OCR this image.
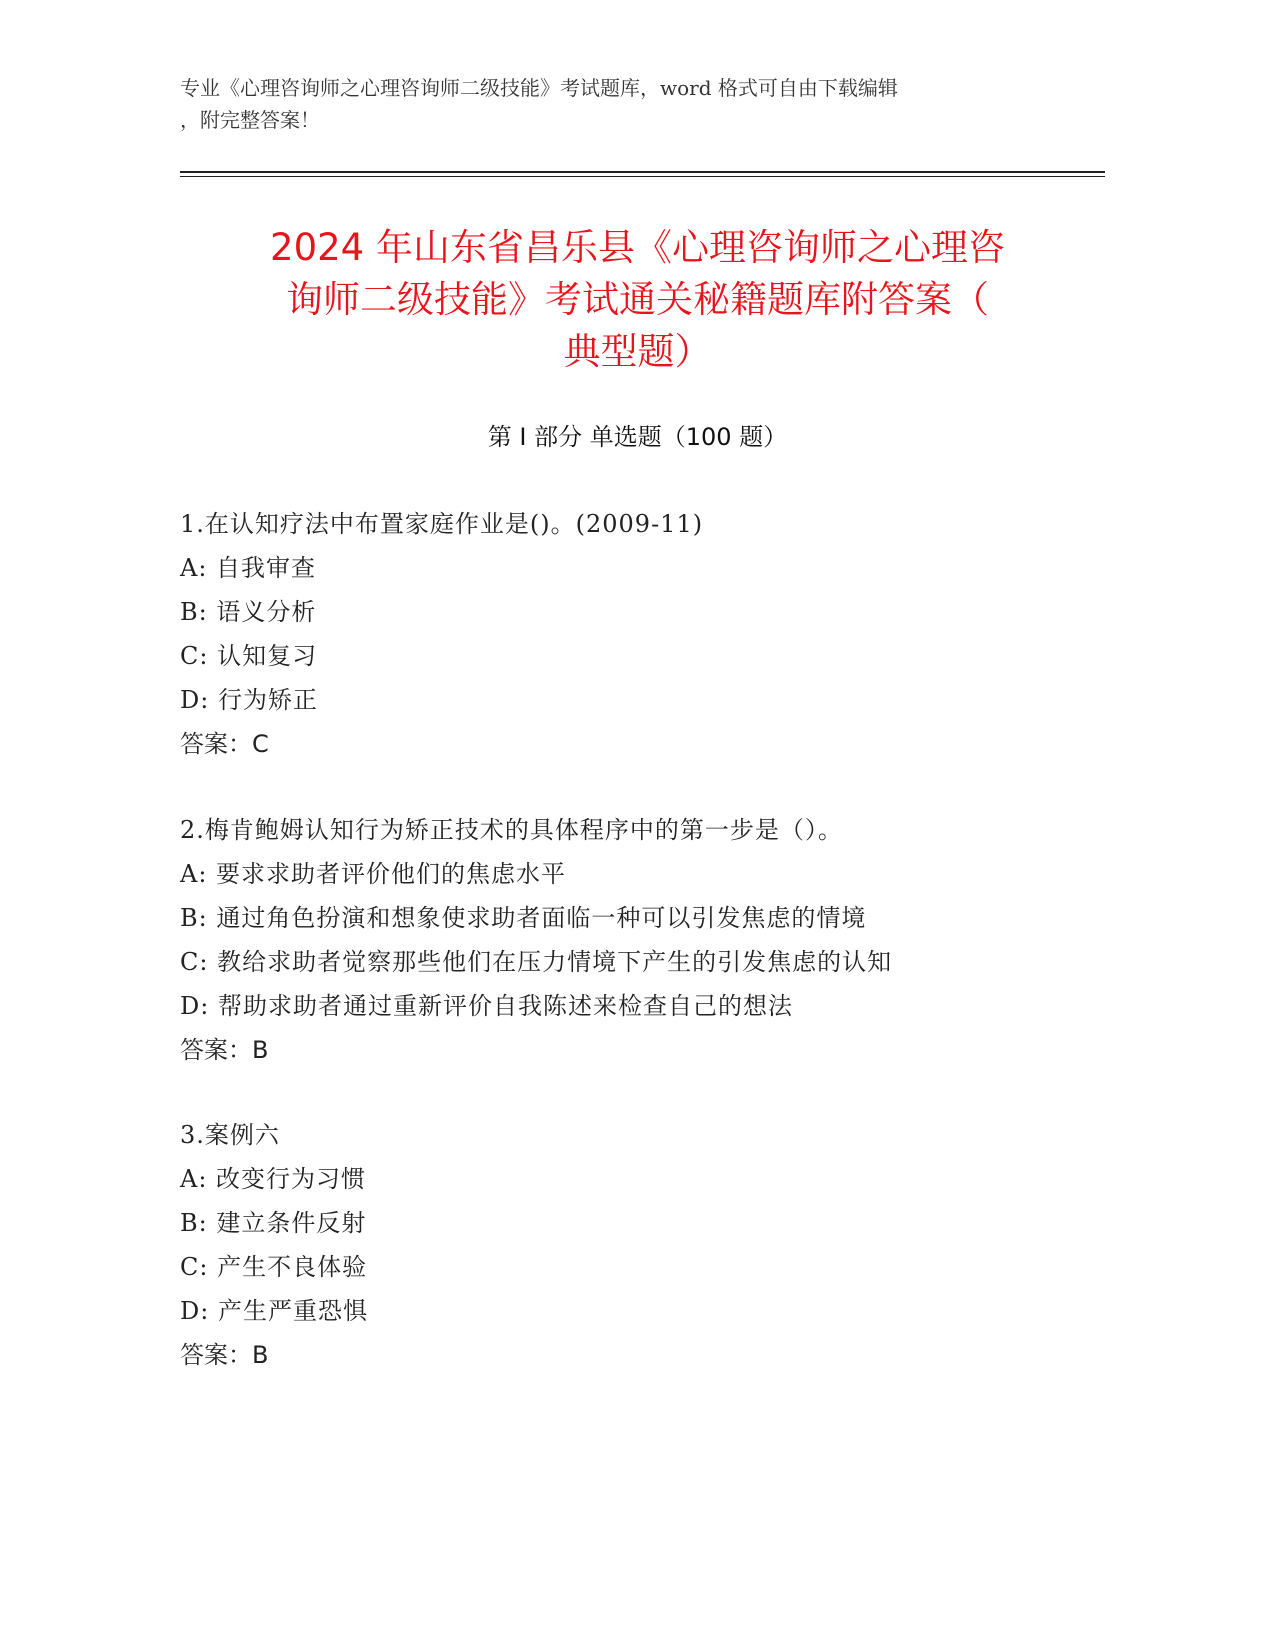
专业《心理咨询师之心理咨询师二级技能》考试题库，word 格式可自由下载编辑
，附完整答案！
2024 年山东省昌乐县《心理咨询师之心理咨
询师二级技能》考试通关秘籍题库附答案（
典型题）
第 I 部分 单选题（100 题）
1.在认知疗法中布置家庭作业是()。(2009-11)
A: 自我审查
B: 语义分析
C: 认知复习
D: 行为矫正
答案：C
2.梅肯鲍姆认知行为矫正技术的具体程序中的第一步是（）。
A: 要求求助者评价他们的焦虑水平
B: 通过角色扮演和想象使求助者面临一种可以引发焦虑的情境
C: 教给求助者觉察那些他们在压力情境下产生的引发焦虑的认知
D: 帮助求助者通过重新评价自我陈述来检查自己的想法
答案：B
3.案例六
A: 改变行为习惯
B: 建立条件反射
C: 产生不良体验
D: 产生严重恐惧
答案：B
